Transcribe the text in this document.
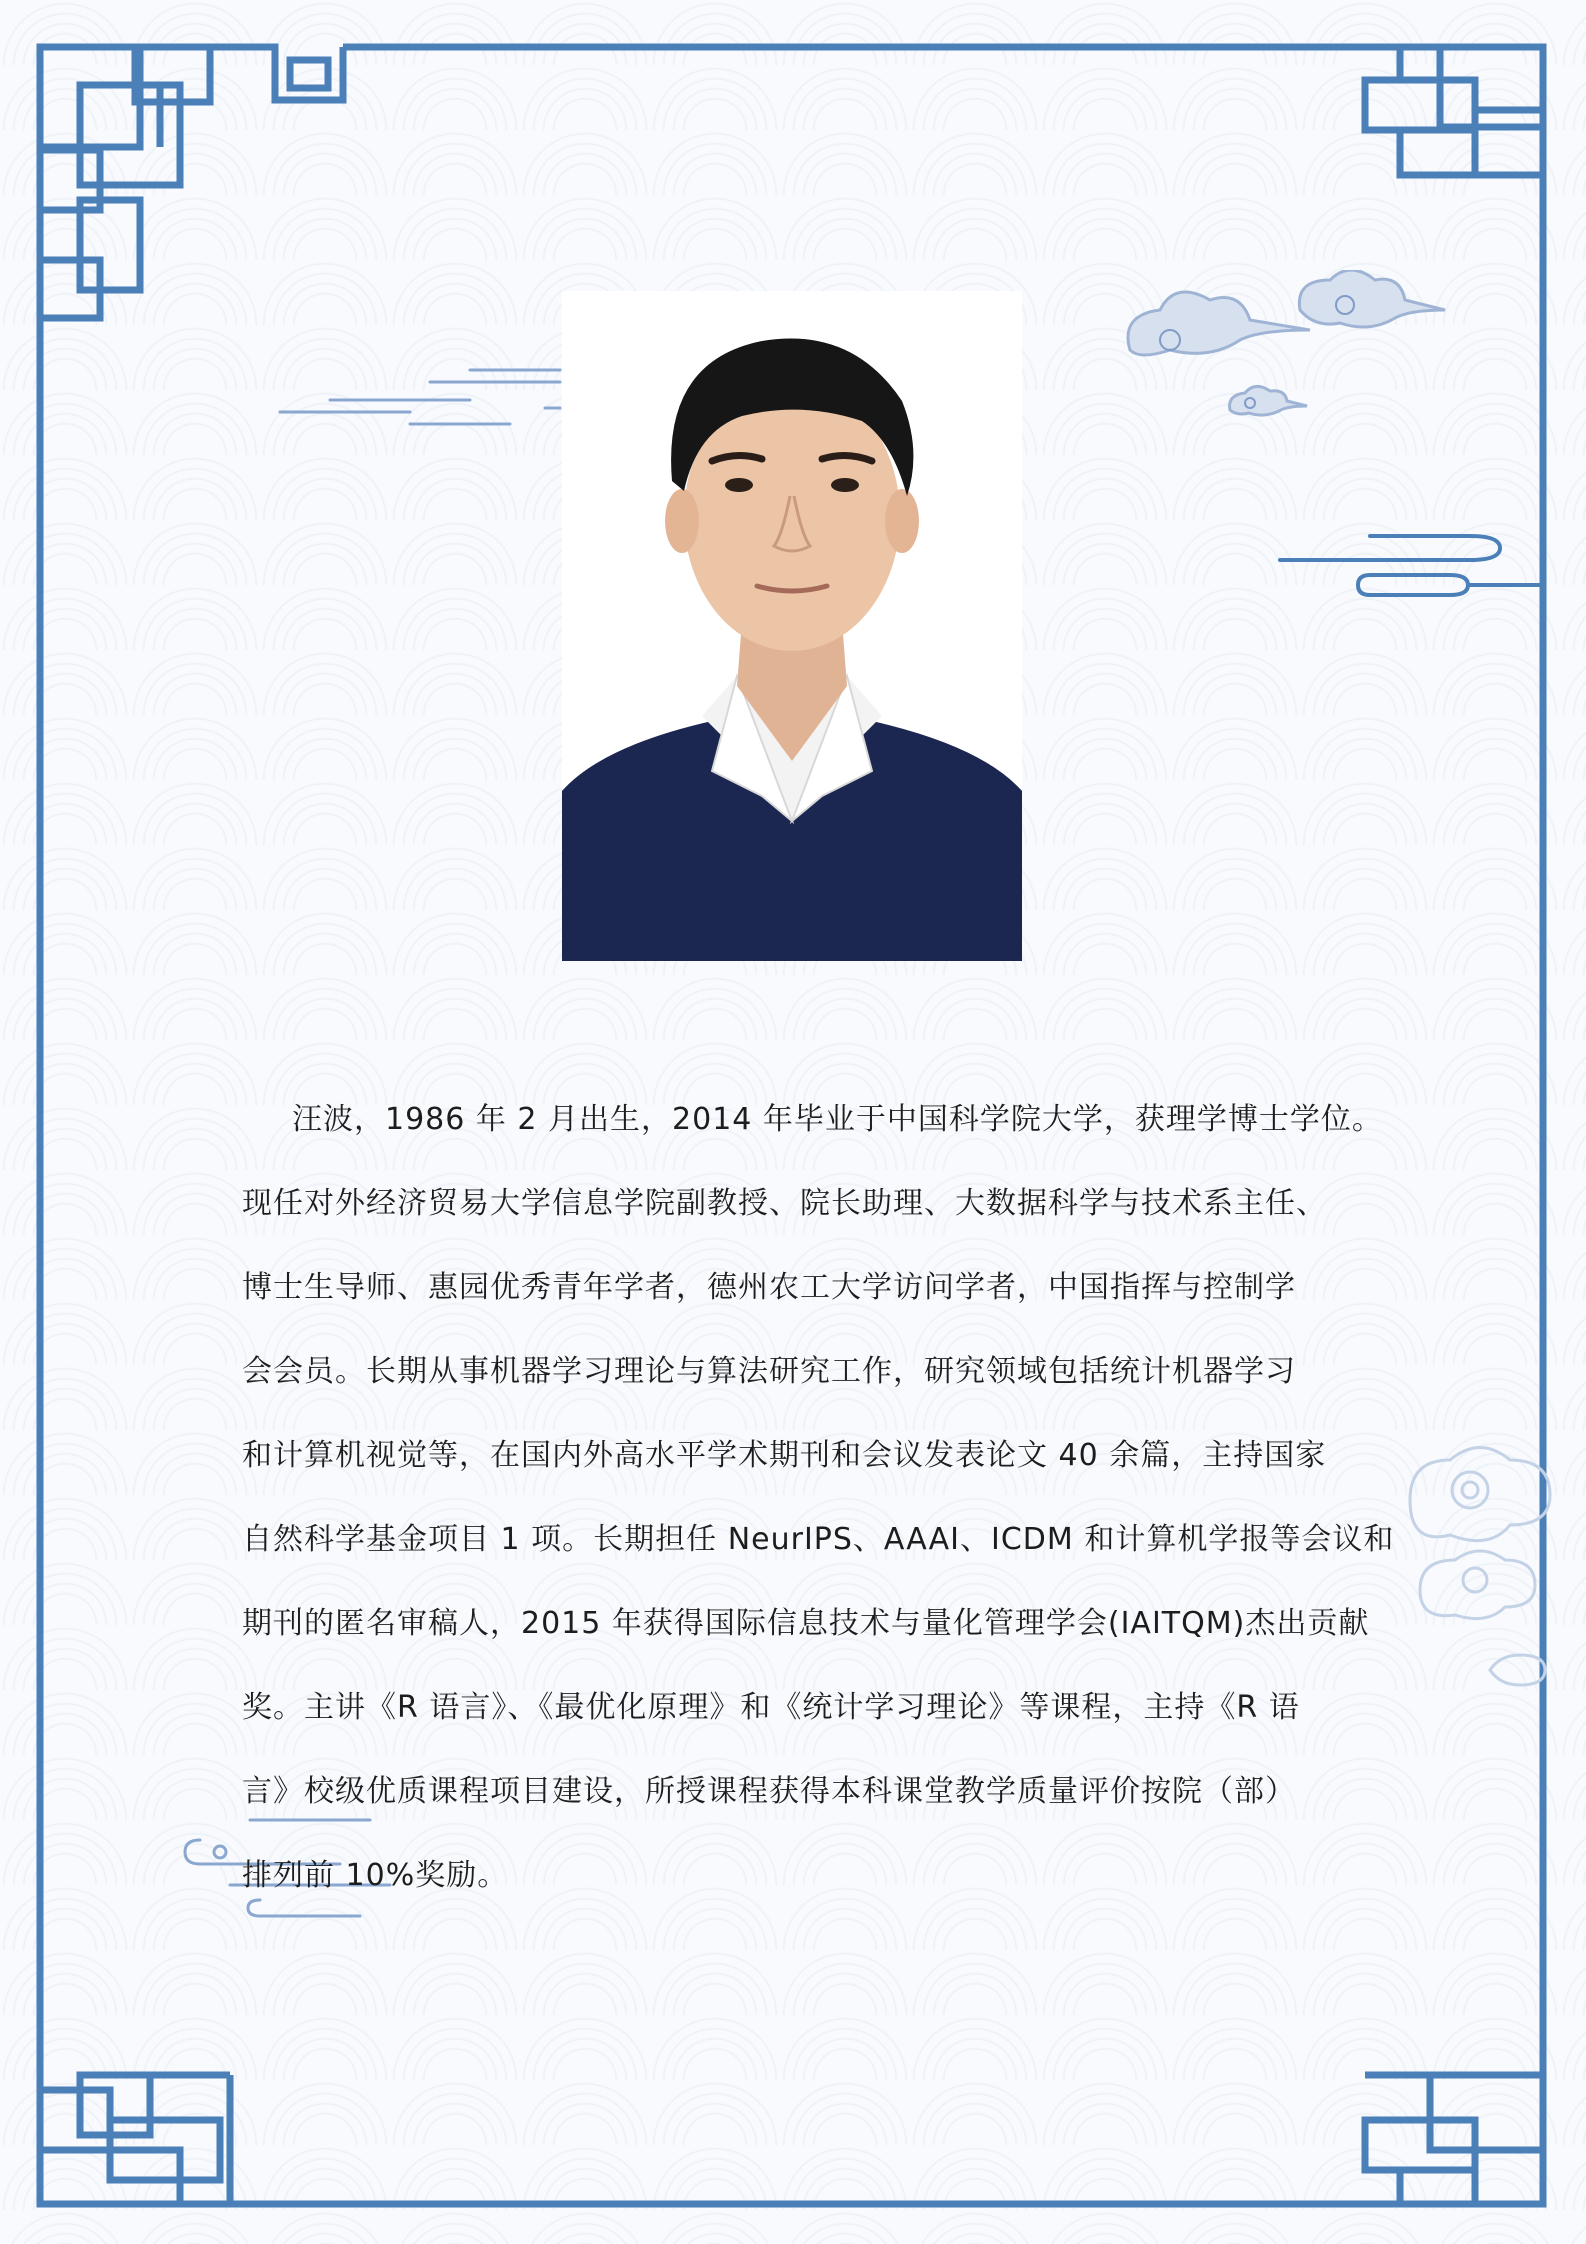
汪波，1986 年 2 月出生，2014 年毕业于中国科学院大学，获理学博士学位。
现任对外经济贸易大学信息学院副教授、院长助理、大数据科学与技术系主任、
博士生导师、惠园优秀青年学者，德州农工大学访问学者，中国指挥与控制学
会会员。长期从事机器学习理论与算法研究工作，研究领域包括统计机器学习
和计算机视觉等，在国内外高水平学术期刊和会议发表论文 40 余篇，主持国家
自然科学基金项目 1 项。长期担任 NeurIPS、AAAI、ICDM 和计算机学报等会议和
期刊的匿名审稿人，2015 年获得国际信息技术与量化管理学会(IAITQM)杰出贡献
奖。主讲《R 语言》、《最优化原理》和《统计学习理论》等课程，主持《R 语
言》校级优质课程项目建设，所授课程获得本科课堂教学质量评价按院（部）
排列前 10%奖励。
